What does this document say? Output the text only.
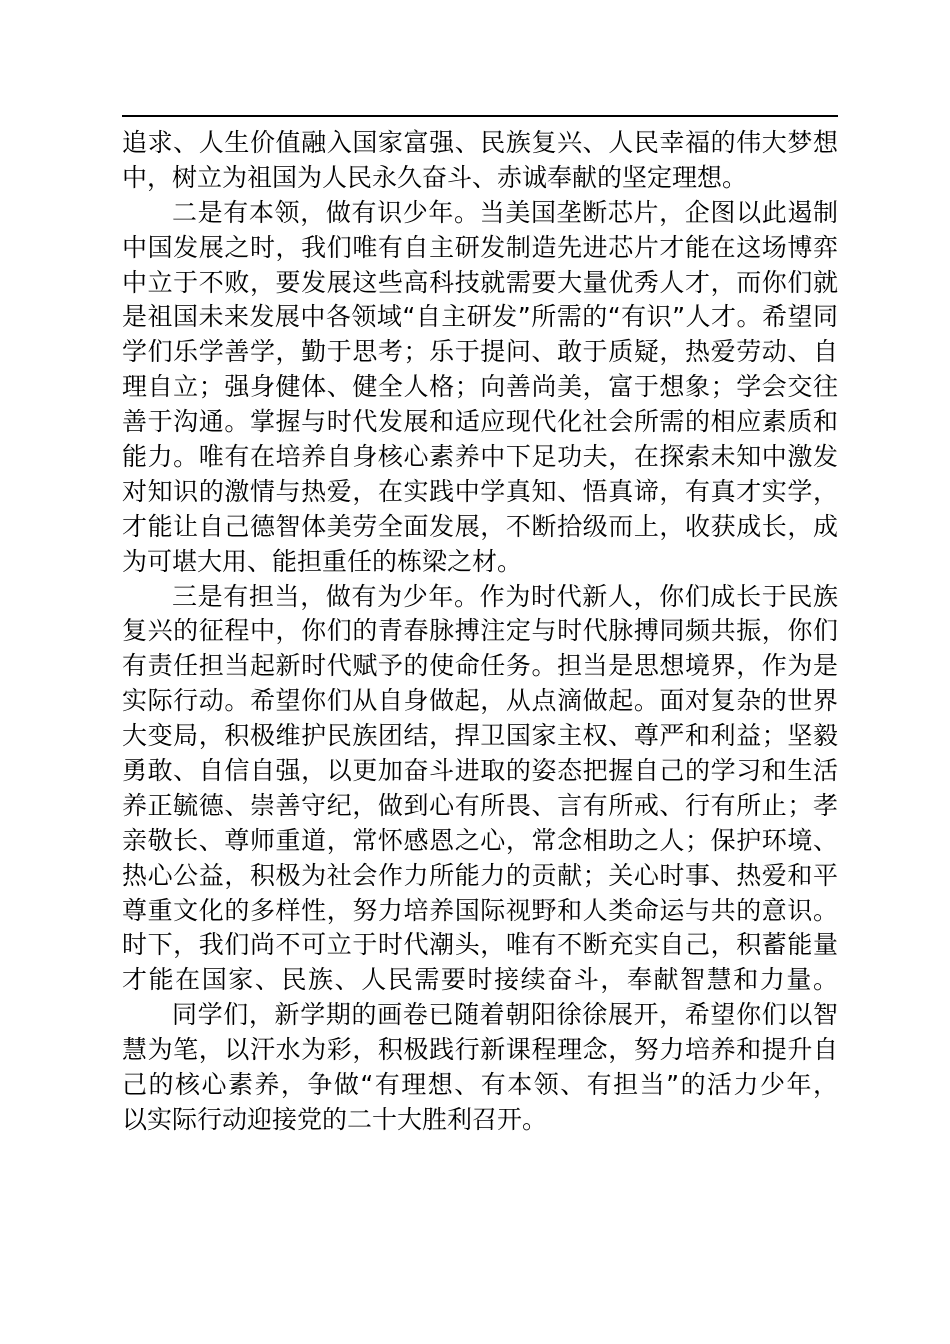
追求、人生价值融入国家富强、民族复兴、人民幸福的伟大梦想
中，树立为祖国为人民永久奋斗、赤诚奉献的坚定理想。
二是有本领，做有识少年。当美国垄断芯片，企图以此遏制
中国发展之时，我们唯有自主研发制造先进芯片才能在这场博弈
中立于不败，要发展这些高科技就需要大量优秀人才，而你们就
是祖国未来发展中各领域“自主研发”所需的“有识”人才。希望同
学们乐学善学，勤于思考；乐于提问、敢于质疑，热爱劳动、自
理自立；强身健体、健全人格；向善尚美，富于想象；学会交往
善于沟通。掌握与时代发展和适应现代化社会所需的相应素质和
能力。唯有在培养自身核心素养中下足功夫，在探索未知中激发
对知识的激情与热爱，在实践中学真知、悟真谛，有真才实学，
才能让自己德智体美劳全面发展，不断拾级而上，收获成长，成
为可堪大用、能担重任的栋梁之材。
三是有担当，做有为少年。作为时代新人，你们成长于民族
复兴的征程中，你们的青春脉搏注定与时代脉搏同频共振，你们
有责任担当起新时代赋予的使命任务。担当是思想境界，作为是
实际行动。希望你们从自身做起，从点滴做起。面对复杂的世界
大变局，积极维护民族团结，捍卫国家主权、尊严和利益；坚毅
勇敢、自信自强，以更加奋斗进取的姿态把握自己的学习和生活
养正毓德、崇善守纪，做到心有所畏、言有所戒、行有所止；孝
亲敬长、尊师重道，常怀感恩之心，常念相助之人；保护环境、
热心公益，积极为社会作力所能力的贡献；关心时事、热爱和平
尊重文化的多样性，努力培养国际视野和人类命运与共的意识。
时下，我们尚不可立于时代潮头，唯有不断充实自己，积蓄能量
才能在国家、民族、人民需要时接续奋斗，奉献智慧和力量。
同学们，新学期的画卷已随着朝阳徐徐展开，希望你们以智
慧为笔，以汗水为彩，积极践行新课程理念，努力培养和提升自
己的核心素养，争做“有理想、有本领、有担当”的活力少年，
以实际行动迎接党的二十大胜利召开。
